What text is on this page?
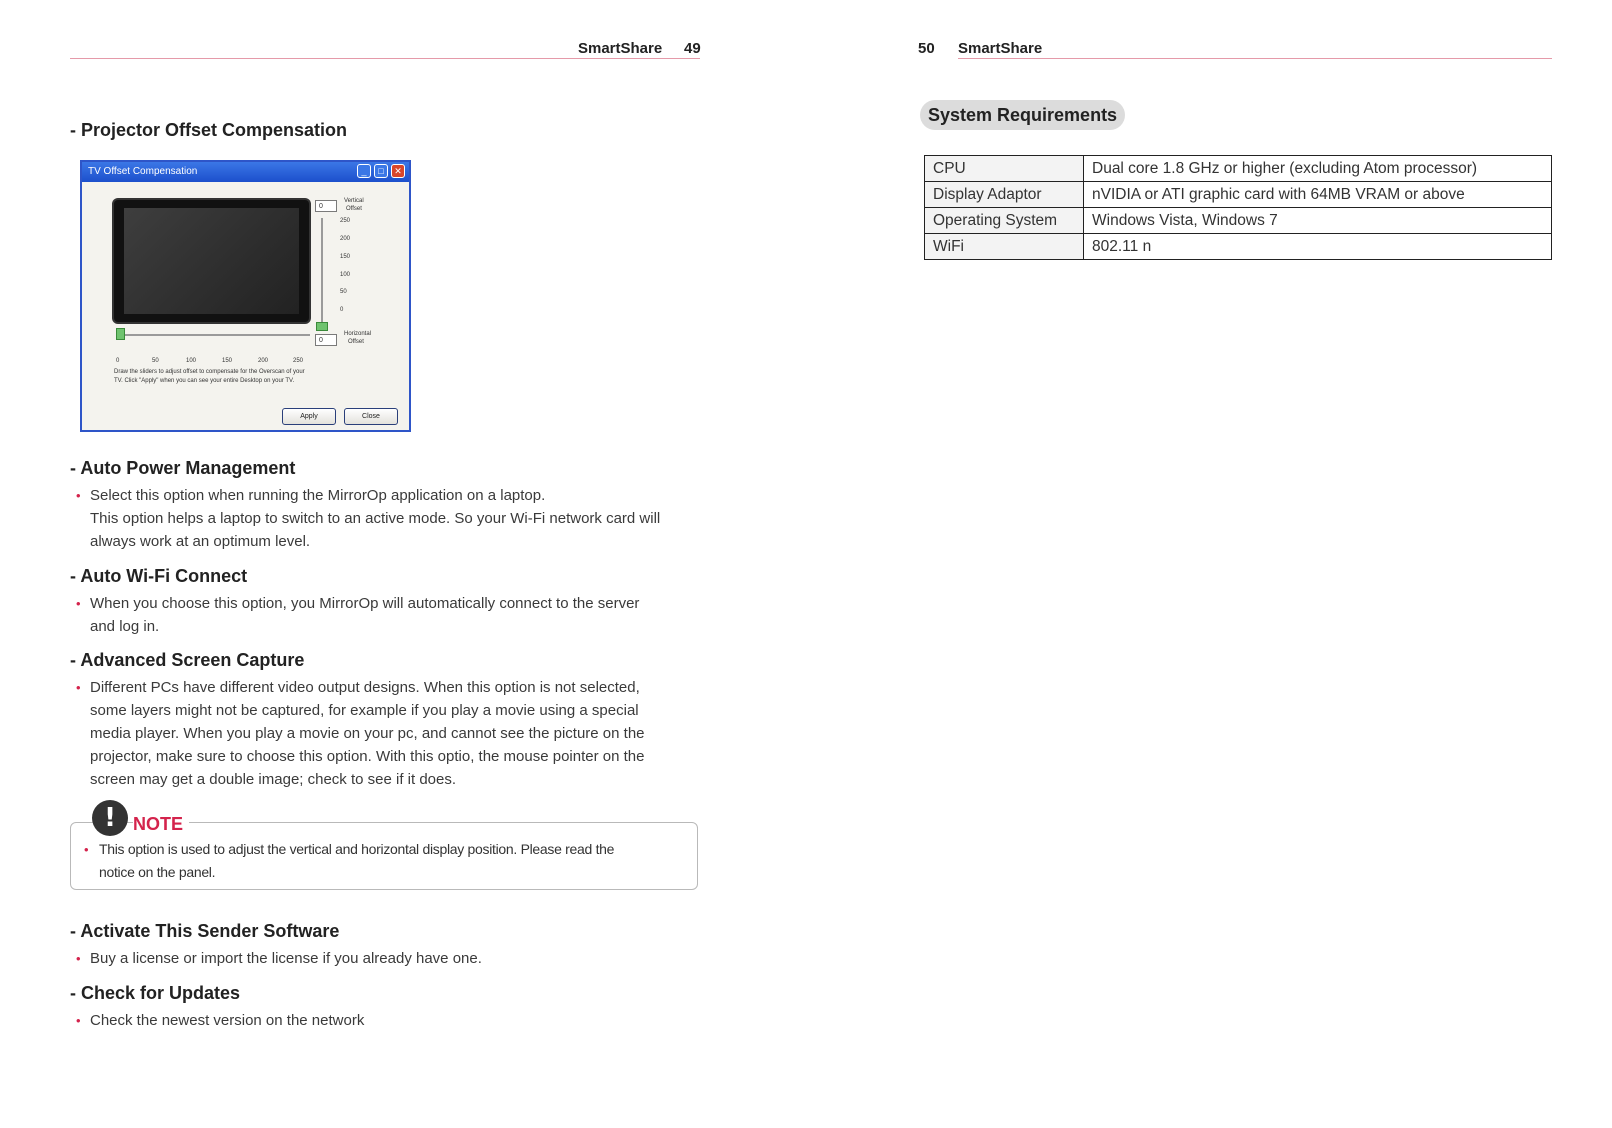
SmartShare 49
- Projector Offset Compensation
TV Offset Compensation	_	□	✕
0
Vertical
Offset
250
200
150
100
50
0
0
Horizontal
Offset
0	50	100	150	200	250
Draw the sliders to adjust offset to compensate for the Overscan of your
TV. Click "Apply" when you can see your entire Desktop on your TV.
Apply	Close
- Auto Power Management
• Select this option when running the MirrorOp application on a laptop.
This option helps a laptop to switch to an active mode. So your Wi-Fi network card will
always work at an optimum level.
- Auto Wi-Fi Connect
• When you choose this option, you MirrorOp will automatically connect to the server
and log in.
- Advanced Screen Capture
• Different PCs have different video output designs. When this option is not selected,
some layers might not be captured, for example if you play a movie using a special
media player. When you play a movie on your pc, and cannot see the picture on the
projector, make sure to choose this option. With this optio, the mouse pointer on the
screen may get a double image; check to see if it does.
! NOTE
• This option is used to adjust the vertical and horizontal display position. Please read the
notice on the panel.
- Activate This Sender Software
• Buy a license or import the license if you already have one.
- Check for Updates
• Check the newest version on the network
50 SmartShare
System Requirements
CPU	Dual core 1.8 GHz or higher (excluding Atom processor)
Display Adaptor	nVIDIA or ATI graphic card with 64MB VRAM or above
Operating System	Windows Vista, Windows 7
WiFi	802.11 n
